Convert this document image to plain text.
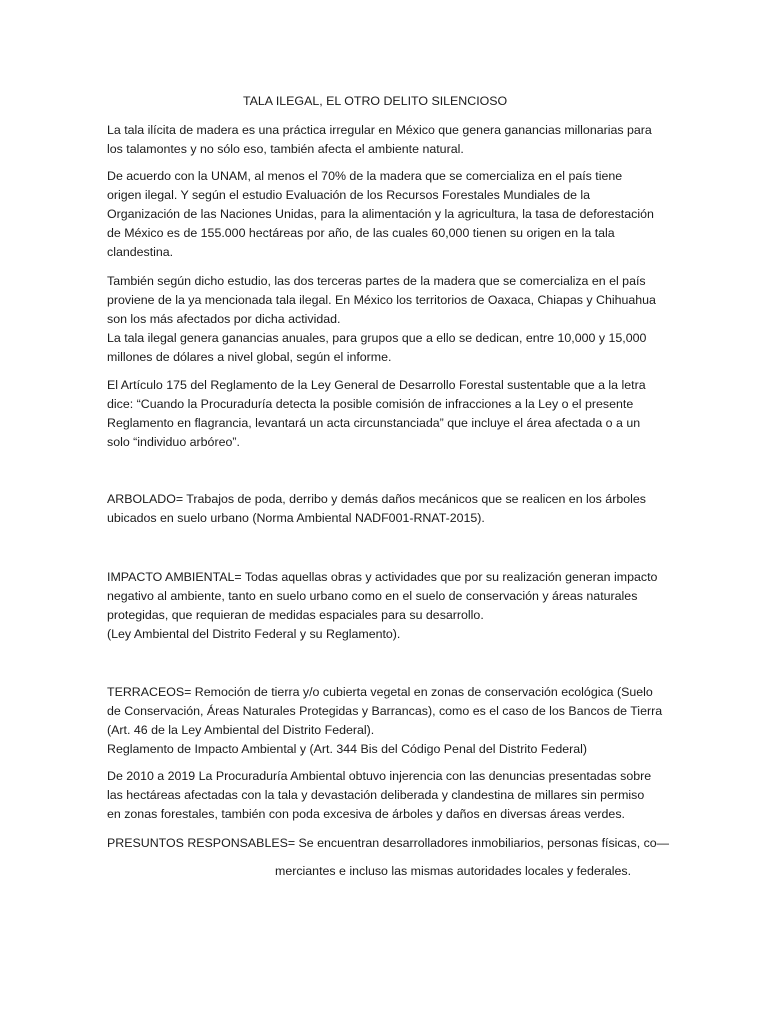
TALA ILEGAL, EL OTRO DELITO SILENCIOSO
La tala ilícita de madera es una práctica irregular en México que genera ganancias millonarias para
los talamontes y no sólo eso, también afecta el ambiente natural.
De acuerdo con la UNAM, al menos el 70% de la madera que se comercializa en el país tiene
origen ilegal. Y según el estudio Evaluación de los Recursos Forestales Mundiales de la
Organización de las Naciones Unidas, para la alimentación y la agricultura, la tasa de deforestación
de México es de 155.000 hectáreas por año, de las cuales 60,000 tienen su origen en la tala
clandestina.
También según dicho estudio, las dos terceras partes de la madera que se comercializa en el país
proviene de la ya mencionada tala ilegal. En México los territorios de Oaxaca, Chiapas y Chihuahua
son los más afectados por dicha actividad.
La tala ilegal genera ganancias anuales, para grupos que a ello se dedican, entre 10,000 y 15,000
millones de dólares a nivel global, según el informe.
El Artículo 175 del Reglamento de la Ley General de Desarrollo Forestal sustentable que a la letra
dice: “Cuando la Procuraduría detecta la posible comisión de infracciones a la Ley o el presente
Reglamento en flagrancia, levantará un acta circunstanciada” que incluye el área afectada o a un
solo “individuo arbóreo”.
ARBOLADO= Trabajos de poda, derribo y demás daños mecánicos que se realicen en los árboles
ubicados en suelo urbano (Norma Ambiental NADF001-RNAT-2015).
IMPACTO AMBIENTAL= Todas aquellas obras y actividades que por su realización generan impacto
negativo al ambiente, tanto en suelo urbano como en el suelo de conservación y áreas naturales
protegidas, que requieran de medidas espaciales para su desarrollo.
(Ley Ambiental del Distrito Federal y su Reglamento).
TERRACEOS= Remoción de tierra y/o cubierta vegetal en zonas de conservación ecológica (Suelo
de Conservación, Áreas Naturales Protegidas y Barrancas), como es el caso de los Bancos de Tierra
(Art. 46 de la Ley Ambiental del Distrito Federal).
Reglamento de Impacto Ambiental y (Art. 344 Bis del Código Penal del Distrito Federal)
De 2010 a 2019 La Procuraduría Ambiental obtuvo injerencia con las denuncias presentadas sobre
las hectáreas afectadas con la tala y devastación deliberada y clandestina de millares sin permiso
en zonas forestales, también con poda excesiva de árboles y daños en diversas áreas verdes.
PRESUNTOS RESPONSABLES= Se encuentran desarrolladores inmobiliarios, personas físicas, co—
merciantes e incluso las mismas autoridades locales y federales.
